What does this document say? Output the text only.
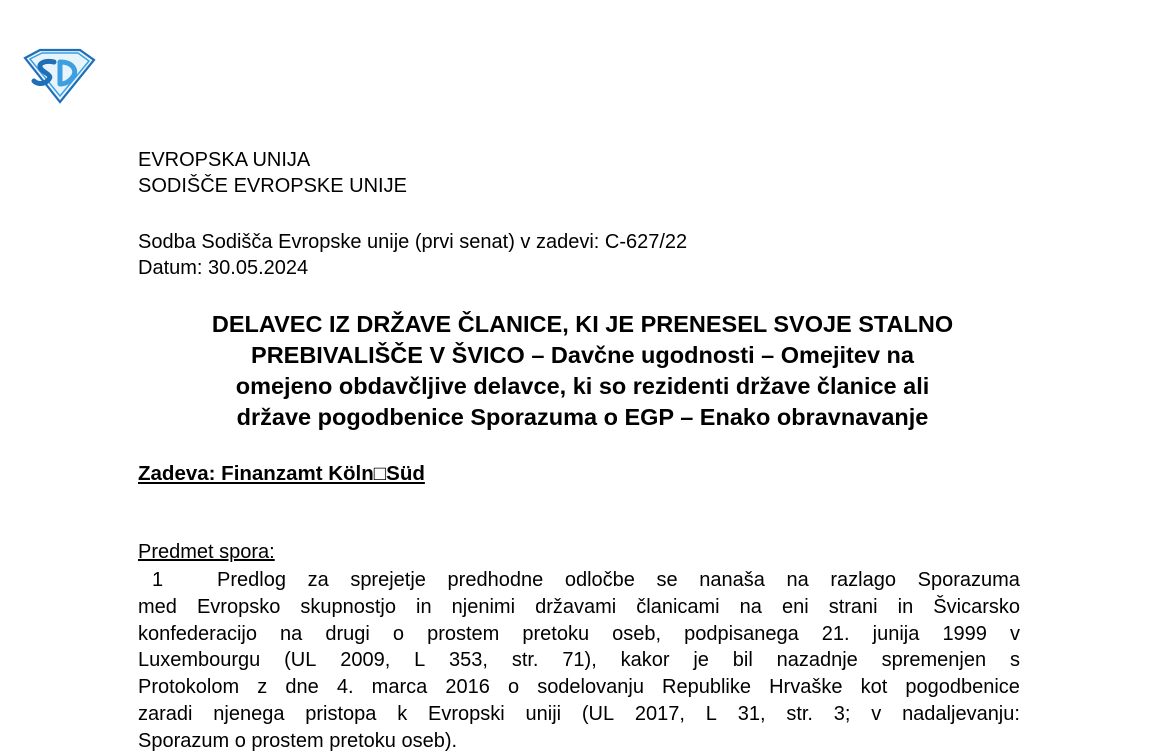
EVROPSKA UNIJA
SODIŠČE EVROPSKE UNIJE
Sodba Sodišča Evropske unije (prvi senat) v zadevi: C-627/22
Datum: 30.05.2024
DELAVEC IZ DRŽAVE ČLANICE, KI JE PRENESEL SVOJE STALNO
PREBIVALIŠČE V ŠVICO – Davčne ugodnosti – Omejitev na
omejeno obdavčljive delavce, ki so rezidenti države članice ali
države pogodbenice Sporazuma o EGP – Enako obravnavanje
Zadeva: Finanzamt Köln□Süd
Predmet spora:
1	Predlog za sprejetje predhodne odločbe se nanaša na razlago Sporazuma
med Evropsko skupnostjo in njenimi državami članicami na eni strani in Švicarsko
konfederacijo na drugi o prostem pretoku oseb, podpisanega 21. junija 1999 v
Luxembourgu (UL 2009, L 353, str. 71), kakor je bil nazadnje spremenjen s
Protokolom z dne 4. marca 2016 o sodelovanju Republike Hrvaške kot pogodbenice
zaradi njenega pristopa k Evropski uniji (UL 2017, L 31, str. 3; v nadaljevanju:
Sporazum o prostem pretoku oseb).
